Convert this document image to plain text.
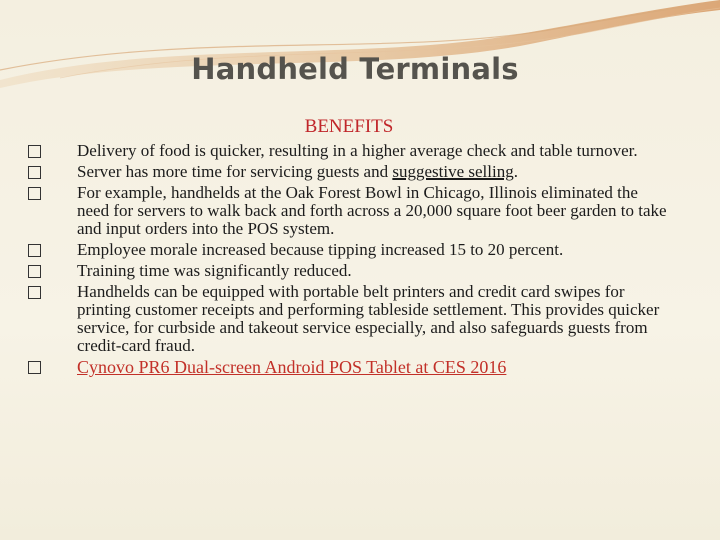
Handheld Terminals
BENEFITS
Delivery of food is quicker, resulting in a higher average check and table turnover.
Server has more time for servicing guests and suggestive selling.
For example, handhelds at the Oak Forest Bowl in Chicago, Illinois eliminated the need for servers to walk back and forth across a 20,000 square foot beer garden to take and input orders into the POS system.
Employee morale increased because tipping increased 15 to 20 percent.
Training time was significantly reduced.
Handhelds can be equipped with portable belt printers and credit card swipes for printing customer receipts and performing tableside settlement. This provides quicker service, for curbside and takeout service especially, and also safeguards guests from credit-card fraud.
Cynovo PR6 Dual-screen Android POS Tablet at CES 2016
